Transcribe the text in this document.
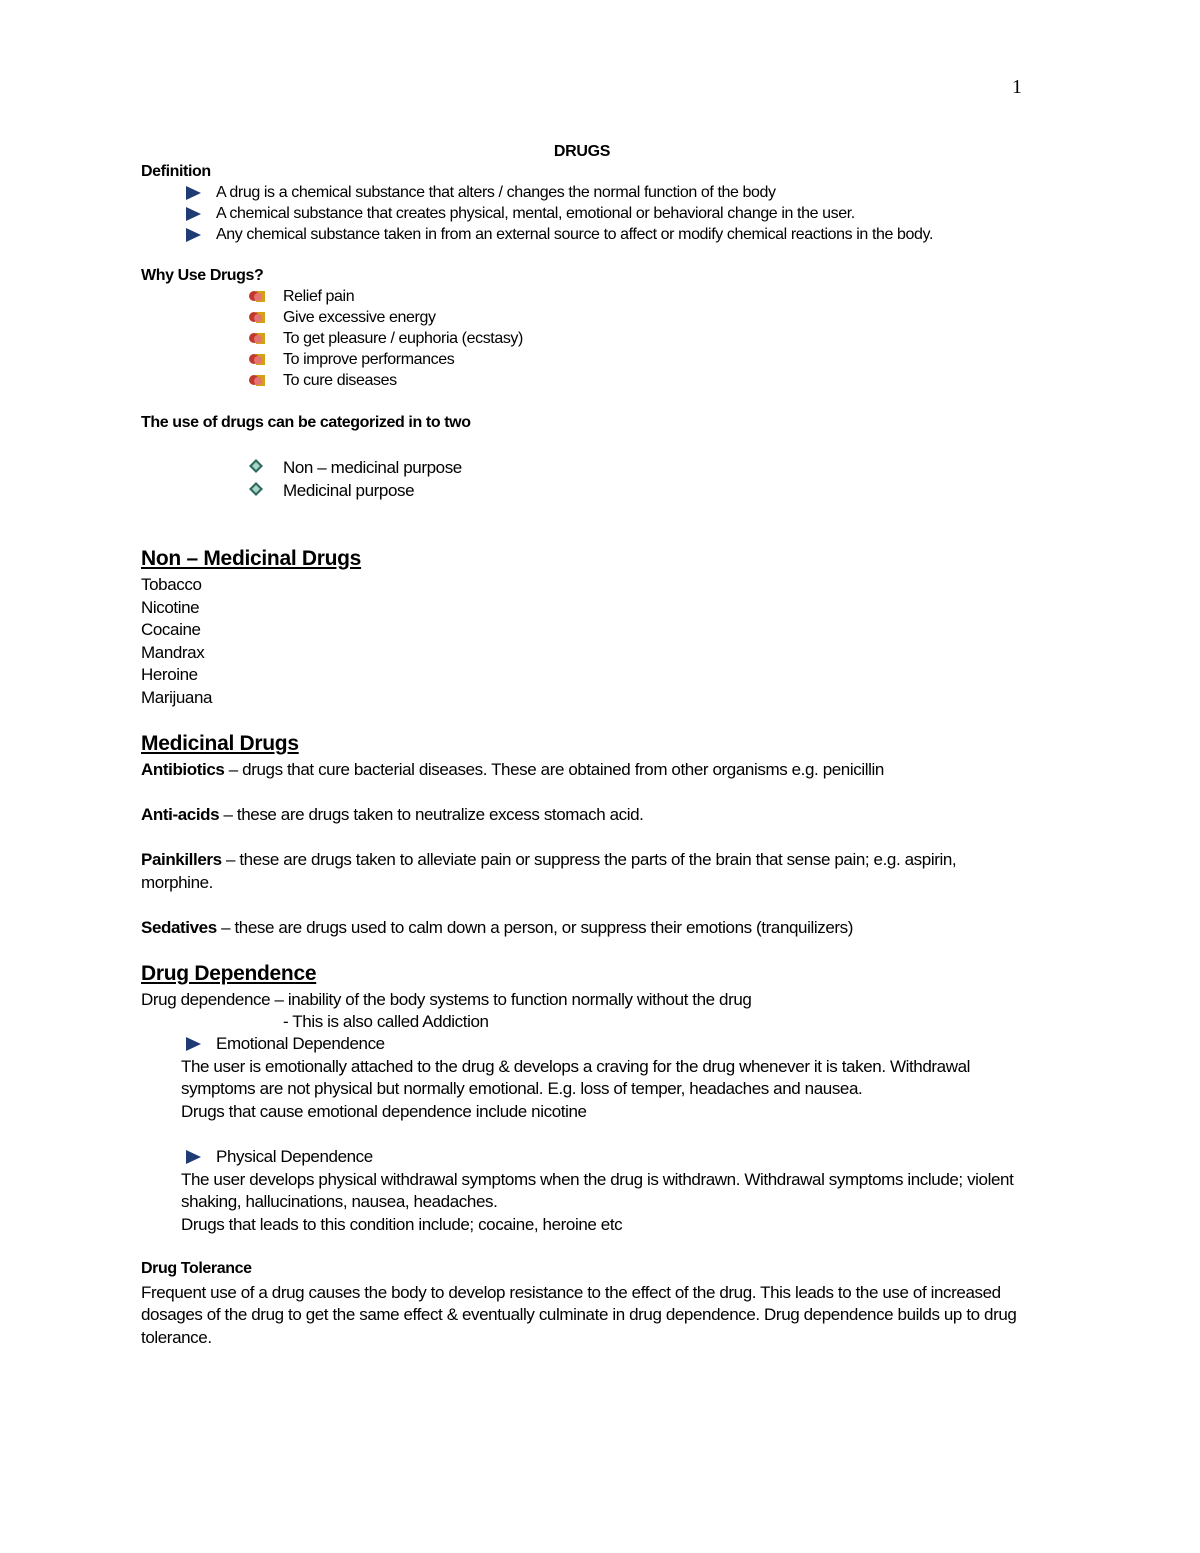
1
DRUGS
Definition
A drug is a chemical substance that alters / changes the normal function of the body
A chemical substance that creates physical, mental, emotional or behavioral change in the user.
Any chemical substance taken in from an external source to affect or modify chemical reactions in the body.
Why Use Drugs?
Relief pain
Give excessive energy
To get pleasure / euphoria (ecstasy)
To improve performances
To cure diseases
The use of drugs can be categorized in to two
Non – medicinal purpose
Medicinal purpose
Non – Medicinal Drugs
Tobacco
Nicotine
Cocaine
Mandrax
Heroine
Marijuana
Medicinal Drugs
Antibiotics – drugs that cure bacterial diseases. These are obtained from other organisms e.g. penicillin
Anti-acids – these are drugs taken to neutralize excess stomach acid.
Painkillers – these are drugs taken to alleviate pain or suppress the parts of the brain that sense pain; e.g. aspirin,
morphine.
Sedatives – these are drugs used to calm down a person, or suppress their emotions (tranquilizers)
Drug Dependence
Drug dependence – inability of the body systems to function normally without the drug
- This is also called Addiction
Emotional Dependence
The user is emotionally attached to the drug & develops a craving for the drug whenever it is taken. Withdrawal
symptoms are not physical but normally emotional. E.g. loss of temper, headaches and nausea.
Drugs that cause emotional dependence include nicotine
Physical Dependence
The user develops physical withdrawal symptoms when the drug is withdrawn. Withdrawal symptoms include; violent
shaking, hallucinations, nausea, headaches.
Drugs that leads to this condition include; cocaine, heroine etc
Drug Tolerance
Frequent use of a drug causes the body to develop resistance to the effect of the drug. This leads to the use of increased
dosages of the drug to get the same effect & eventually culminate in drug dependence. Drug dependence builds up to drug
tolerance.
